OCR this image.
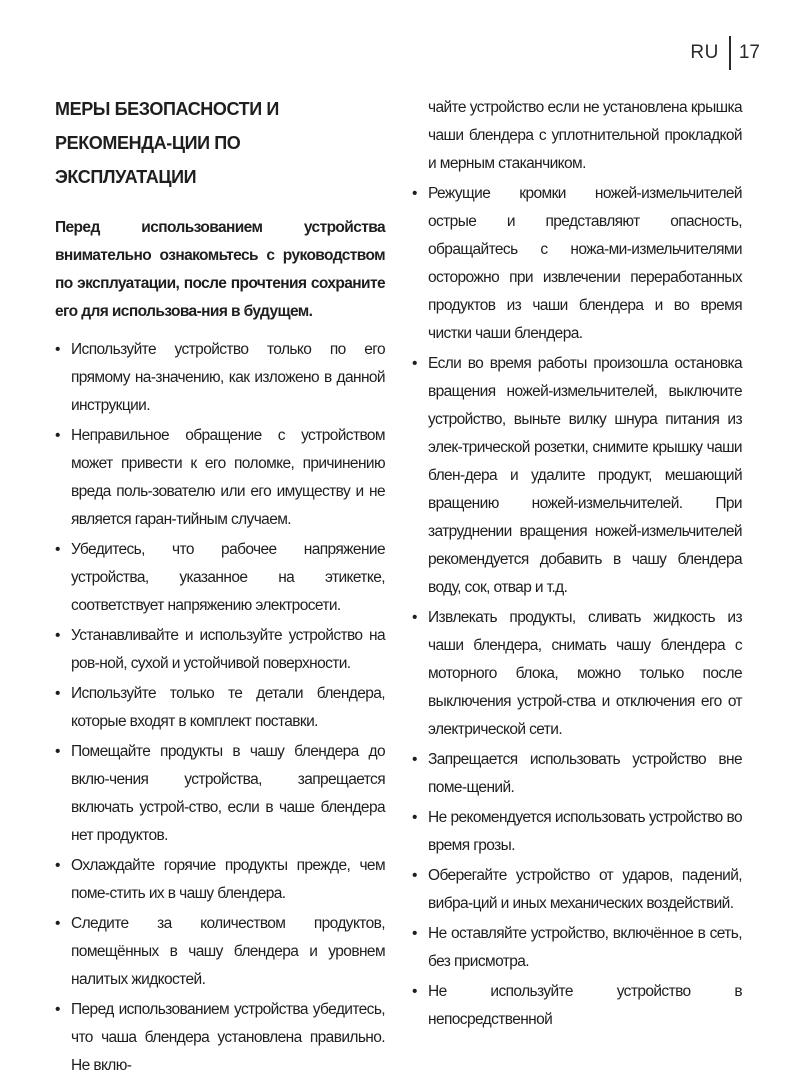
RU	17
МЕРЫ БЕЗОПАСНОСТИ И РЕКОМЕНДА-ЦИИ ПО ЭКСПЛУАТАЦИИ

Перед использованием устройства внимательно ознакомьтесь с руководством по эксплуатации, после прочтения сохраните его для использова-ния в будущем.

• Используйте устройство только по его прямому на-значению, как изложено в данной инструкции.
• Неправильное обращение с устройством может привести к его поломке, причинению вреда поль-зователю или его имуществу и не является гаран-тийным случаем.
• Убедитесь, что рабочее напряжение устройства, указанное на этикетке, соответствует напряжению электросети.
• Устанавливайте и используйте устройство на ров-ной, сухой и устойчивой поверхности.
• Используйте только те детали блендера, которые входят в комплект поставки.
• Помещайте продукты в чашу блендера до вклю-чения устройства, запрещается включать устрой-ство, если в чаше блендера нет продуктов.
• Охлаждайте горячие продукты прежде, чем поме-стить их в чашу блендера.
• Следите за количеством продуктов, помещённых в чашу блендера и уровнем налитых жидкостей.
• Перед использованием устройства убедитесь, что чаша блендера установлена правильно. Не вклю-

чайте устройство если не установлена крышка чаши блендера с уплотнительной прокладкой и мерным стаканчиком.

• Режущие кромки ножей-измельчителей острые и представляют опасность, обращайтесь с ножа-ми-измельчителями осторожно при извлечении переработанных продуктов из чаши блендера и во время чистки чаши блендера.
• Если во время работы произошла остановка вращения ножей-измельчителей, выключите устройство, выньте вилку шнура питания из элек-трической розетки, снимите крышку чаши блен-дера и удалите продукт, мешающий вращению ножей-измельчителей. При затруднении вращения ножей-измельчителей рекомендуется добавить в чашу блендера воду, сок, отвар и т.д.
• Извлекать продукты, сливать жидкость из чаши блендера, снимать чашу блендера с моторного блока, можно только после выключения устрой-ства и отключения его от электрической сети.
• Запрещается использовать устройство вне поме-щений.
• Не рекомендуется использовать устройство во время грозы.
• Оберегайте устройство от ударов, падений, вибра-ций и иных механических воздействий.
• Не оставляйте устройство, включённое в сеть, без присмотра.
• Не используйте устройство в непосредственной
